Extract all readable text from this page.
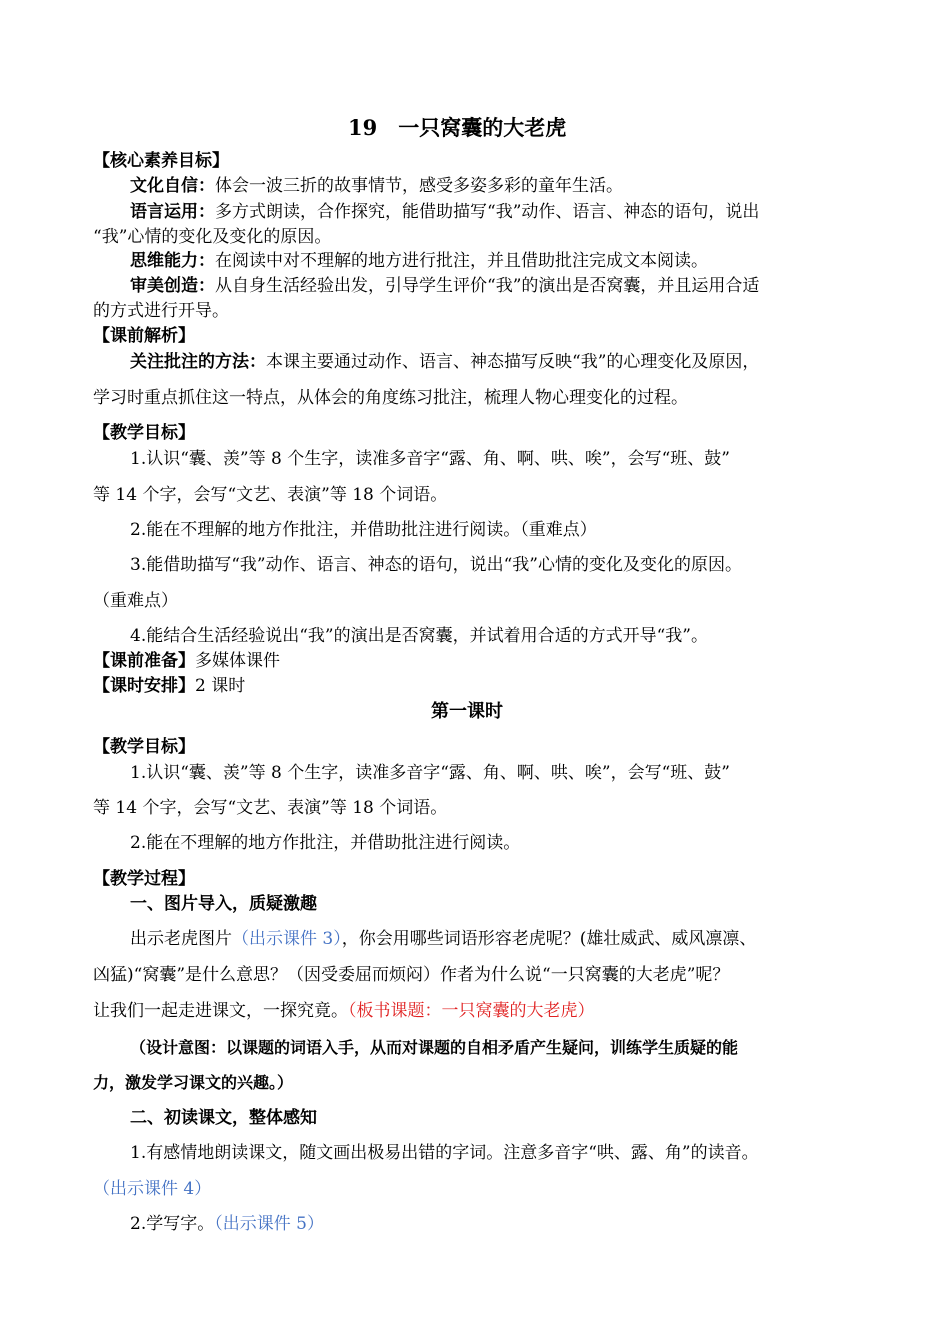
19　一只窝囊的大老虎
【核心素养目标】
文化自信：体会一波三折的故事情节，感受多姿多彩的童年生活。
语言运用：多方式朗读，合作探究，能借助描写“我”动作、语言、神态的语句，说出
“我”心情的变化及变化的原因。
思维能力：在阅读中对不理解的地方进行批注，并且借助批注完成文本阅读。
审美创造：从自身生活经验出发，引导学生评价“我”的演出是否窝囊，并且运用合适
的方式进行开导。
【课前解析】
关注批注的方法：本课主要通过动作、语言、神态描写反映“我”的心理变化及原因，
学习时重点抓住这一特点，从体会的角度练习批注，梳理人物心理变化的过程。
【教学目标】
1.认识“囊、羡”等 8 个生字，读准多音字“露、角、啊、哄、唉”，会写“班、鼓”
等 14 个字，会写“文艺、表演”等 18 个词语。
2.能在不理解的地方作批注，并借助批注进行阅读。（重难点）
3.能借助描写“我”动作、语言、神态的语句，说出“我”心情的变化及变化的原因。
（重难点）
4.能结合生活经验说出“我”的演出是否窝囊，并试着用合适的方式开导“我”。
【课前准备】多媒体课件
【课时安排】2 课时
第一课时
【教学目标】
1.认识“囊、羡”等 8 个生字，读准多音字“露、角、啊、哄、唉”，会写“班、鼓”
等 14 个字，会写“文艺、表演”等 18 个词语。
2.能在不理解的地方作批注，并借助批注进行阅读。
【教学过程】
一、图片导入，质疑激趣
出示老虎图片（出示课件 3），你会用哪些词语形容老虎呢？(雄壮威武、威风凛凛、
凶猛)“窝囊”是什么意思？（因受委屈而烦闷）作者为什么说“一只窝囊的大老虎”呢？
让我们一起走进课文，一探究竟。（板书课题：一只窝囊的大老虎）
（设计意图：以课题的词语入手，从而对课题的自相矛盾产生疑问，训练学生质疑的能
力，激发学习课文的兴趣。）
二、初读课文，整体感知
1.有感情地朗读课文，随文画出极易出错的字词。注意多音字“哄、露、角”的读音。
（出示课件 4）
2.学写字。（出示课件 5）
